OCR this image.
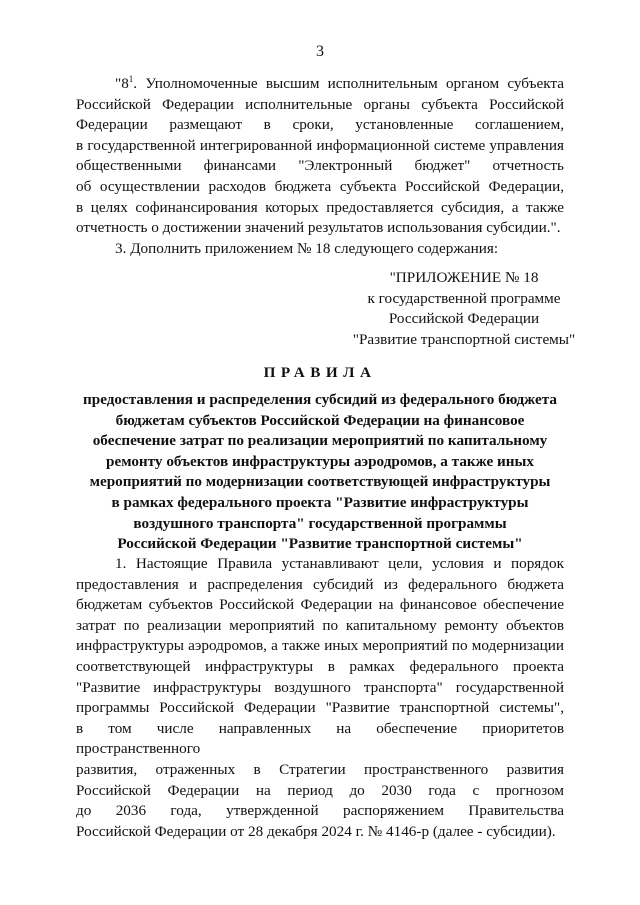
3

"$8^1$. Уполномоченные высшим исполнительным органом субъекта

Российской Федерации исполнительные органы субъекта Российской

Федерации размещают в сроки, установленные соглашением,

в государственной интегрированной информационной системе управления

общественными финансами "Электронный бюджет" отчетность

об осуществлении расходов бюджета субъекта Российской Федерации,

в целях софинансирования которых предоставляется субсидия, а также

отчетность о достижении значений результатов использования субсидии.".

3. Дополнить приложением № 18 следующего содержания:

"ПРИЛОЖЕНИЕ № 18

к государственной программе

Российской Федерации

"Развитие транспортной системы"

ПРАВИЛА

предоставления и распределения субсидий из федерального бюджета

бюджетам субъектов Российской Федерации на финансовое

обеспечение затрат по реализации мероприятий по капитальному

ремонту объектов инфраструктуры аэродромов, а также иных

мероприятий по модернизации соответствующей инфраструктуры

в рамках федерального проекта "Развитие инфраструктуры

воздушного транспорта" государственной программы

Российской Федерации "Развитие транспортной системы"

1. Настоящие Правила устанавливают цели, условия и порядок

предоставления и распределения субсидий из федерального бюджета

бюджетам субъектов Российской Федерации на финансовое обеспечение

затрат по реализации мероприятий по капитальному ремонту объектов

инфраструктуры аэродромов, а также иных мероприятий по модернизации

соответствующей инфраструктуры в рамках федерального проекта

"Развитие инфраструктуры воздушного транспорта" государственной

программы Российской Федерации "Развитие транспортной системы",

в том числе направленных на обеспечение приоритетов пространственного

развития, отраженных в Стратегии пространственного развития

Российской Федерации на период до 2030 года с прогнозом

до 2036 года, утвержденной распоряжением Правительства

Российской Федерации от 28 декабря 2024 г. № 4146-р (далее - субсидии).
